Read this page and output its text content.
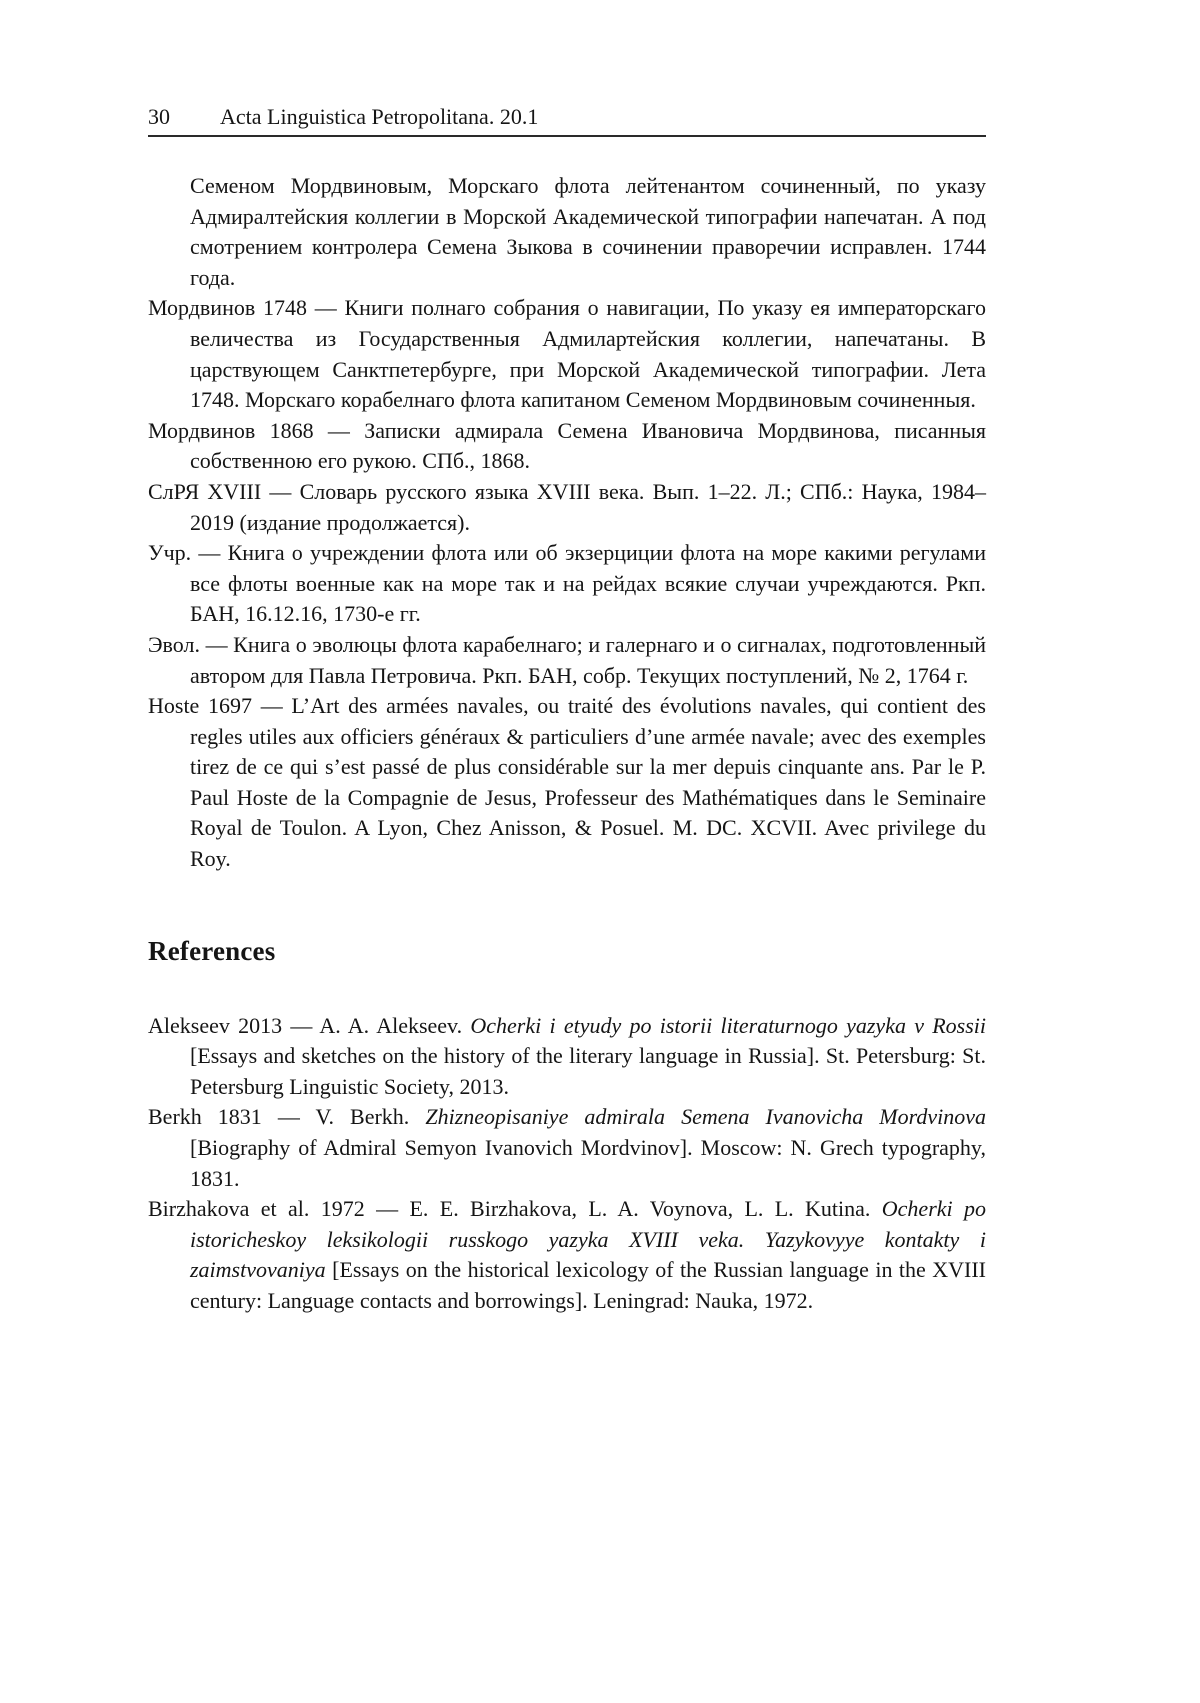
30	Acta Linguistica Petropolitana. 20.1

Семеном Мордвиновым, Морскаго флота лейтенантом сочиненный, по указу Адмиралтейския коллегии в Морской Академической типографии напечатан. А под смотрением контролера Семена Зыкова в сочинении праворечии исправлен. 1744 года.

Мордвинов 1748 — Книги полнаго собрания о навигации, По указу ея императорскаго величества из Государственныя Адмилартейския коллегии, напечатаны. В царствующем Санктпетербурге, при Морской Академической типографии. Лета 1748. Морскаго корабелнаго флота капитаном Семеном Мордвиновым сочиненныя.

Мордвинов 1868 — Записки адмирала Семена Ивановича Мордвинова, писанныя собственною его рукою. СПб., 1868.

СлРЯ XVIII — Словарь русского языка XVIII века. Вып. 1–22. Л.; СПб.: Наука, 1984–2019 (издание продолжается).

Учр. — Книга о учреждении флота или об экзерциции флота на море какими регулами все флоты военные как на море так и на рейдах всякие случаи учреждаются. Ркп. БАН, 16.12.16, 1730-е гг.

Эвол. — Книга о эволюцы флота карабелнаго; и галернаго и о сигналах, подготовленный автором для Павла Петровича. Ркп. БАН, собр. Текущих поступлений, № 2, 1764 г.

Hoste 1697 — L’Art des armées navales, ou traité des évolutions navales, qui contient des regles utiles aux officiers généraux & particuliers d’une armée navale; avec des exemples tirez de ce qui s’est passé de plus considérable sur la mer depuis cinquante ans. Par le P. Paul Hoste de la Compagnie de Jesus, Professeur des Mathématiques dans le Seminaire Royal de Toulon. A Lyon, Chez Anisson, & Posuel. M. DC. XCVII. Avec privilege du Roy.

References

Alekseev 2013 — A. A. Alekseev. Ocherki i etyudy po istorii literaturnogo yazyka v Rossii [Essays and sketches on the history of the literary language in Russia]. St. Petersburg: St. Petersburg Linguistic Society, 2013.

Berkh 1831 — V. Berkh. Zhizneopisaniye admirala Semena Ivanovicha Mordvinova [Biography of Admiral Semyon Ivanovich Mordvinov]. Moscow: N. Grech typography, 1831.

Birzhakova et al. 1972 — E. E. Birzhakova, L. A. Voynova, L. L. Kutina. Ocherki po istoricheskoy leksikologii russkogo yazyka XVIII veka. Yazykovyye kontakty i zaimstvovaniya [Essays on the historical lexicology of the Russian language in the XVIII century: Language contacts and borrowings]. Leningrad: Nauka, 1972.
